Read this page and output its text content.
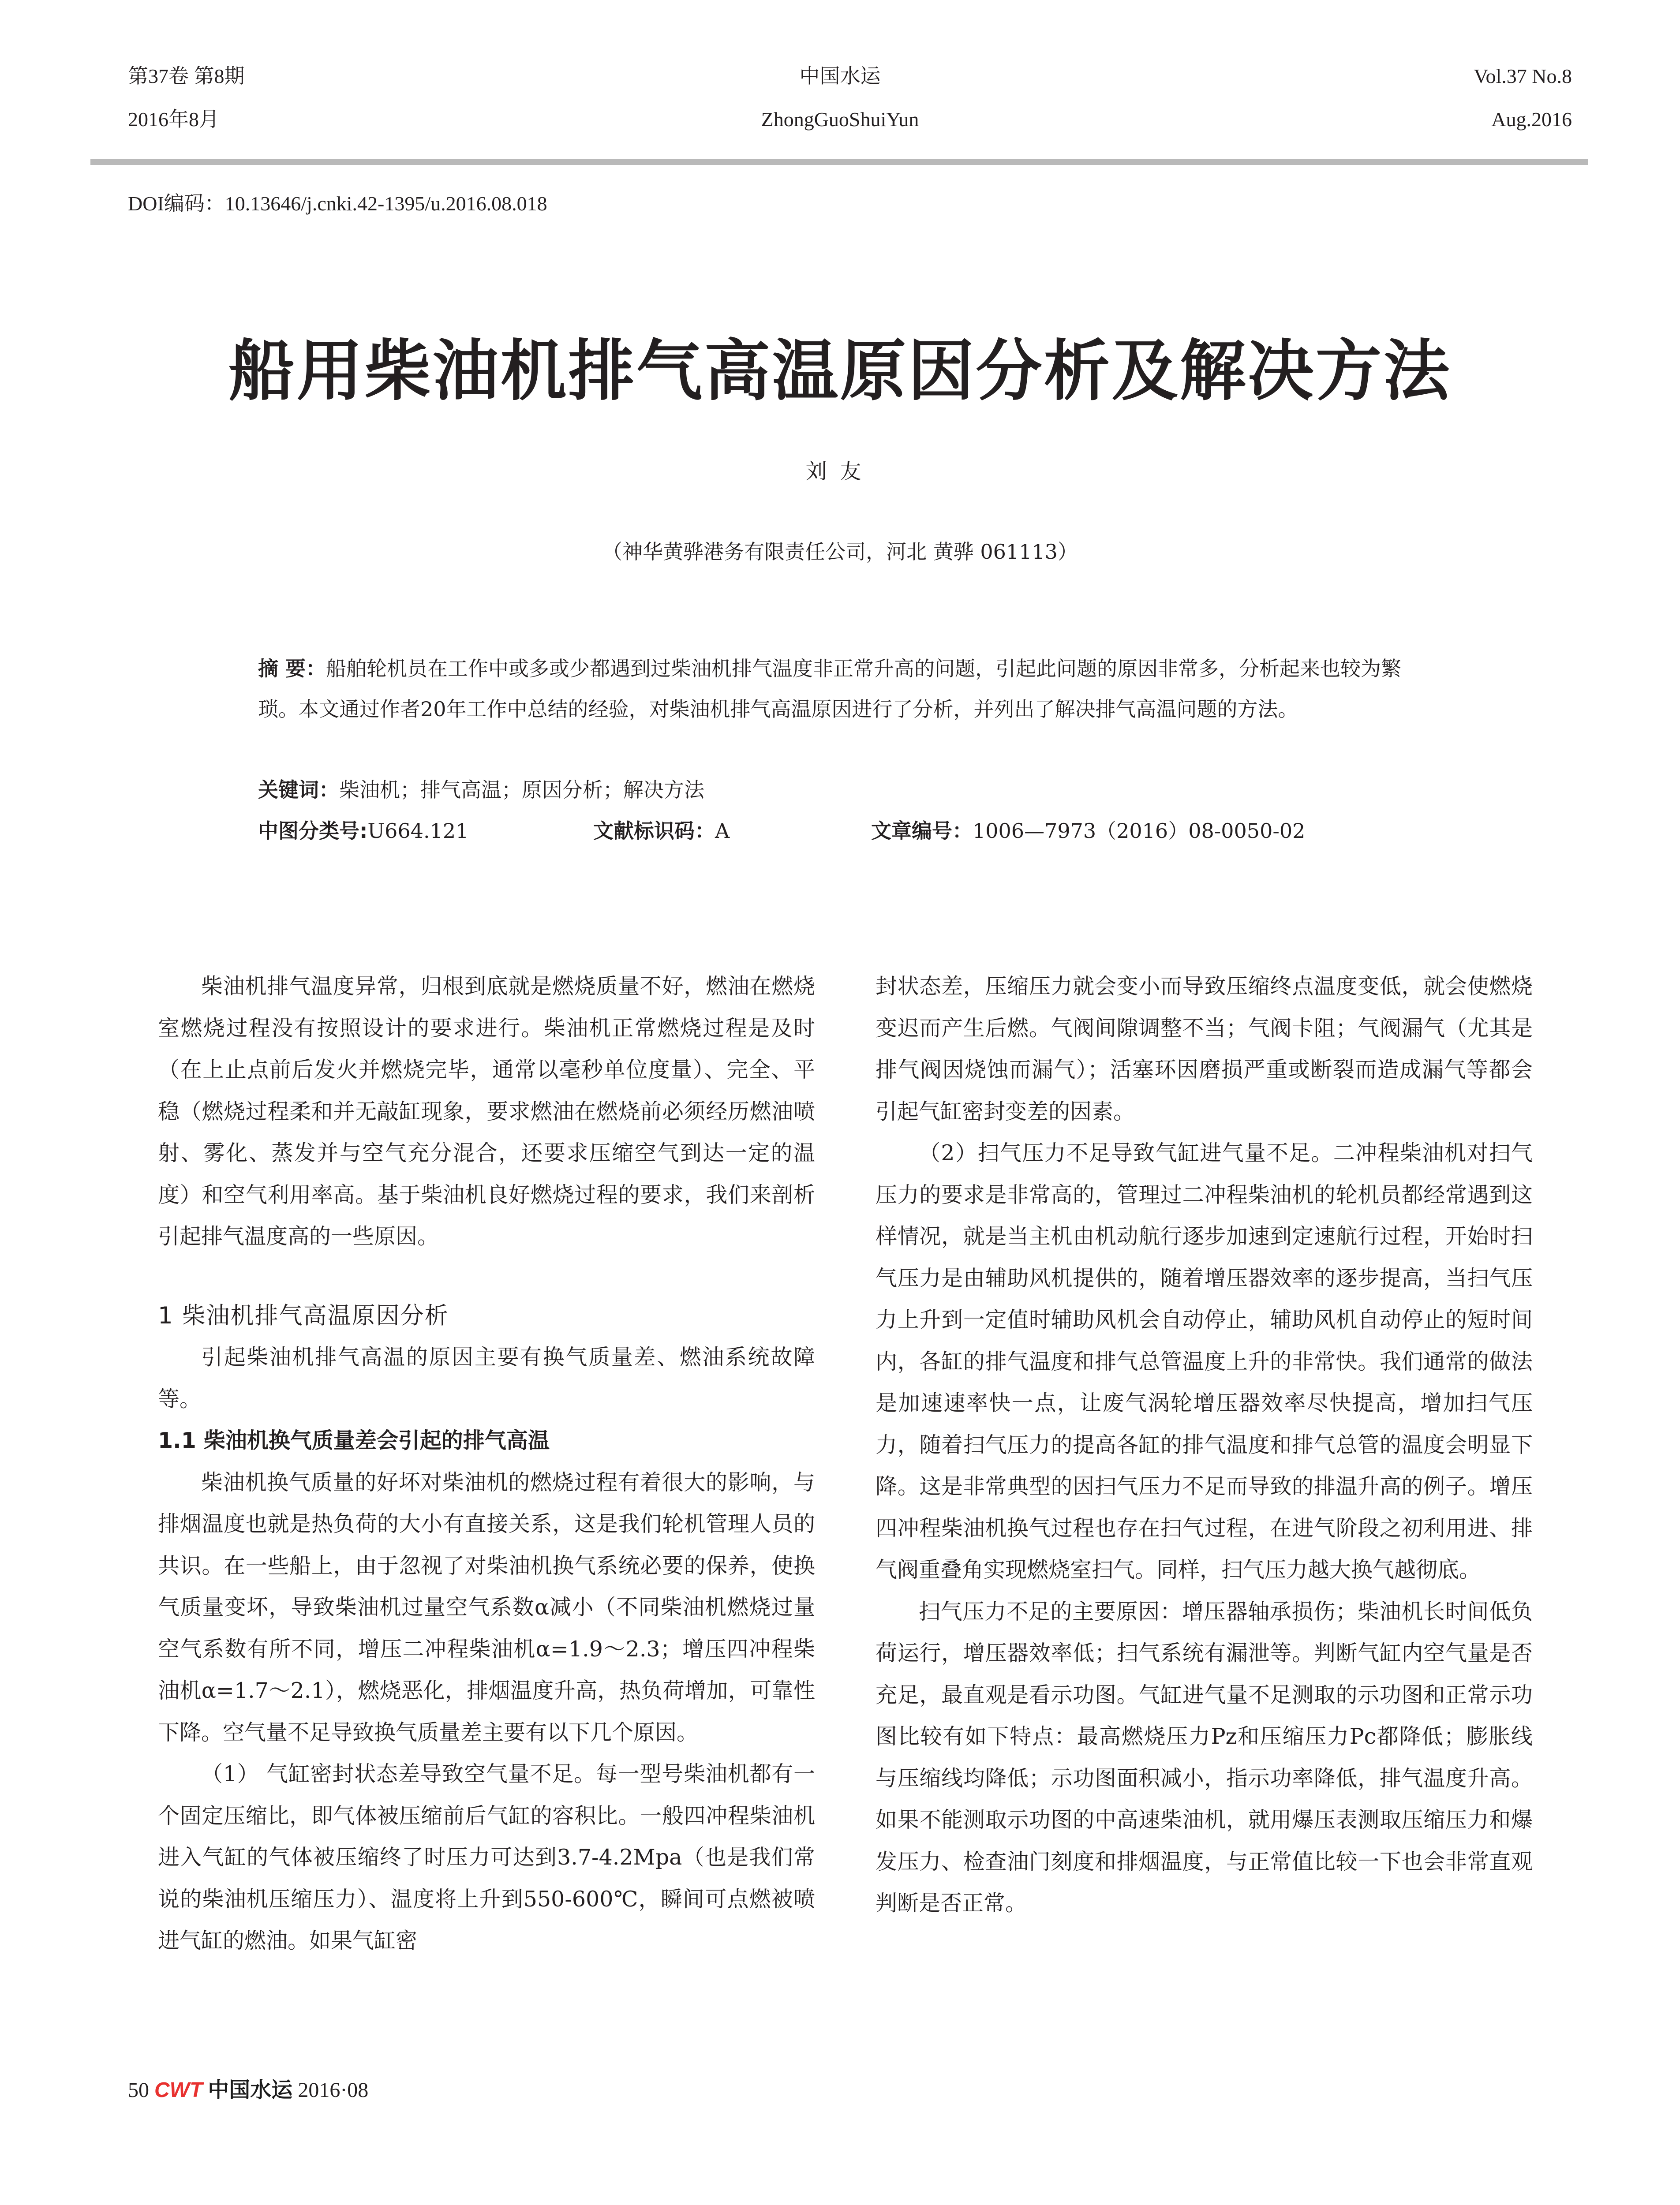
第37卷 第8期
2016年8月
中国水运
ZhongGuoShuiYun
Vol.37 No.8
Aug.2016
DOI编码：10.13646/j.cnki.42-1395/u.2016.08.018
船用柴油机排气高温原因分析及解决方法
刘友
（神华黄骅港务有限责任公司，河北 黄骅 061113）
摘 要：船舶轮机员在工作中或多或少都遇到过柴油机排气温度非正常升高的问题，引起此问题的原因非常多，分析起来也较为繁琐。本文通过作者20年工作中总结的经验，对柴油机排气高温原因进行了分析，并列出了解决排气高温问题的方法。
关键词：柴油机；排气高温；原因分析；解决方法
中图分类号:U664.121	文献标识码：A	文章编号：1006—7973（2016）08-0050-02

柴油机排气温度异常，归根到底就是燃烧质量不好，燃油在燃烧室燃烧过程没有按照设计的要求进行。柴油机正常燃烧过程是及时（在上止点前后发火并燃烧完毕，通常以毫秒单位度量）、完全、平稳（燃烧过程柔和并无敲缸现象，要求燃油在燃烧前必须经历燃油喷射、雾化、蒸发并与空气充分混合，还要求压缩空气到达一定的温度）和空气利用率高。基于柴油机良好燃烧过程的要求，我们来剖析引起排气温度高的一些原因。

1 柴油机排气高温原因分析

引起柴油机排气高温的原因主要有换气质量差、燃油系统故障等。

1.1 柴油机换气质量差会引起的排气高温

柴油机换气质量的好坏对柴油机的燃烧过程有着很大的影响，与排烟温度也就是热负荷的大小有直接关系，这是我们轮机管理人员的共识。在一些船上，由于忽视了对柴油机换气系统必要的保养，使换气质量变坏，导致柴油机过量空气系数α减小（不同柴油机燃烧过量空气系数有所不同，增压二冲程柴油机α=1.9～2.3；增压四冲程柴油机α=1.7～2.1），燃烧恶化，排烟温度升高，热负荷增加，可靠性下降。空气量不足导致换气质量差主要有以下几个原因。

（1） 气缸密封状态差导致空气量不足。每一型号柴油机都有一个固定压缩比，即气体被压缩前后气缸的容积比。一般四冲程柴油机进入气缸的气体被压缩终了时压力可达到3.7-4.2Mpa（也是我们常说的柴油机压缩压力）、温度将上升到550-600℃，瞬间可点燃被喷进气缸的燃油。如果气缸密

封状态差，压缩压力就会变小而导致压缩终点温度变低，就会使燃烧变迟而产生后燃。气阀间隙调整不当；气阀卡阻；气阀漏气（尤其是排气阀因烧蚀而漏气）；活塞环因磨损严重或断裂而造成漏气等都会引起气缸密封变差的因素。

（2）扫气压力不足导致气缸进气量不足。二冲程柴油机对扫气压力的要求是非常高的，管理过二冲程柴油机的轮机员都经常遇到这样情况，就是当主机由机动航行逐步加速到定速航行过程，开始时扫气压力是由辅助风机提供的，随着增压器效率的逐步提高，当扫气压力上升到一定值时辅助风机会自动停止，辅助风机自动停止的短时间内，各缸的排气温度和排气总管温度上升的非常快。我们通常的做法是加速速率快一点，让废气涡轮增压器效率尽快提高，增加扫气压力，随着扫气压力的提高各缸的排气温度和排气总管的温度会明显下降。这是非常典型的因扫气压力不足而导致的排温升高的例子。增压四冲程柴油机换气过程也存在扫气过程，在进气阶段之初利用进、排气阀重叠角实现燃烧室扫气。同样，扫气压力越大换气越彻底。

扫气压力不足的主要原因：增压器轴承损伤；柴油机长时间低负荷运行，增压器效率低；扫气系统有漏泄等。判断气缸内空气量是否充足，最直观是看示功图。气缸进气量不足测取的示功图和正常示功图比较有如下特点：最高燃烧压力Pz和压缩压力Pc都降低；膨胀线与压缩线均降低；示功图面积减小，指示功率降低，排气温度升高。如果不能测取示功图的中高速柴油机，就用爆压表测取压缩压力和爆发压力、检查油门刻度和排烟温度，与正常值比较一下也会非常直观判断是否正常。

50 CWT 中国水运 2016·08
